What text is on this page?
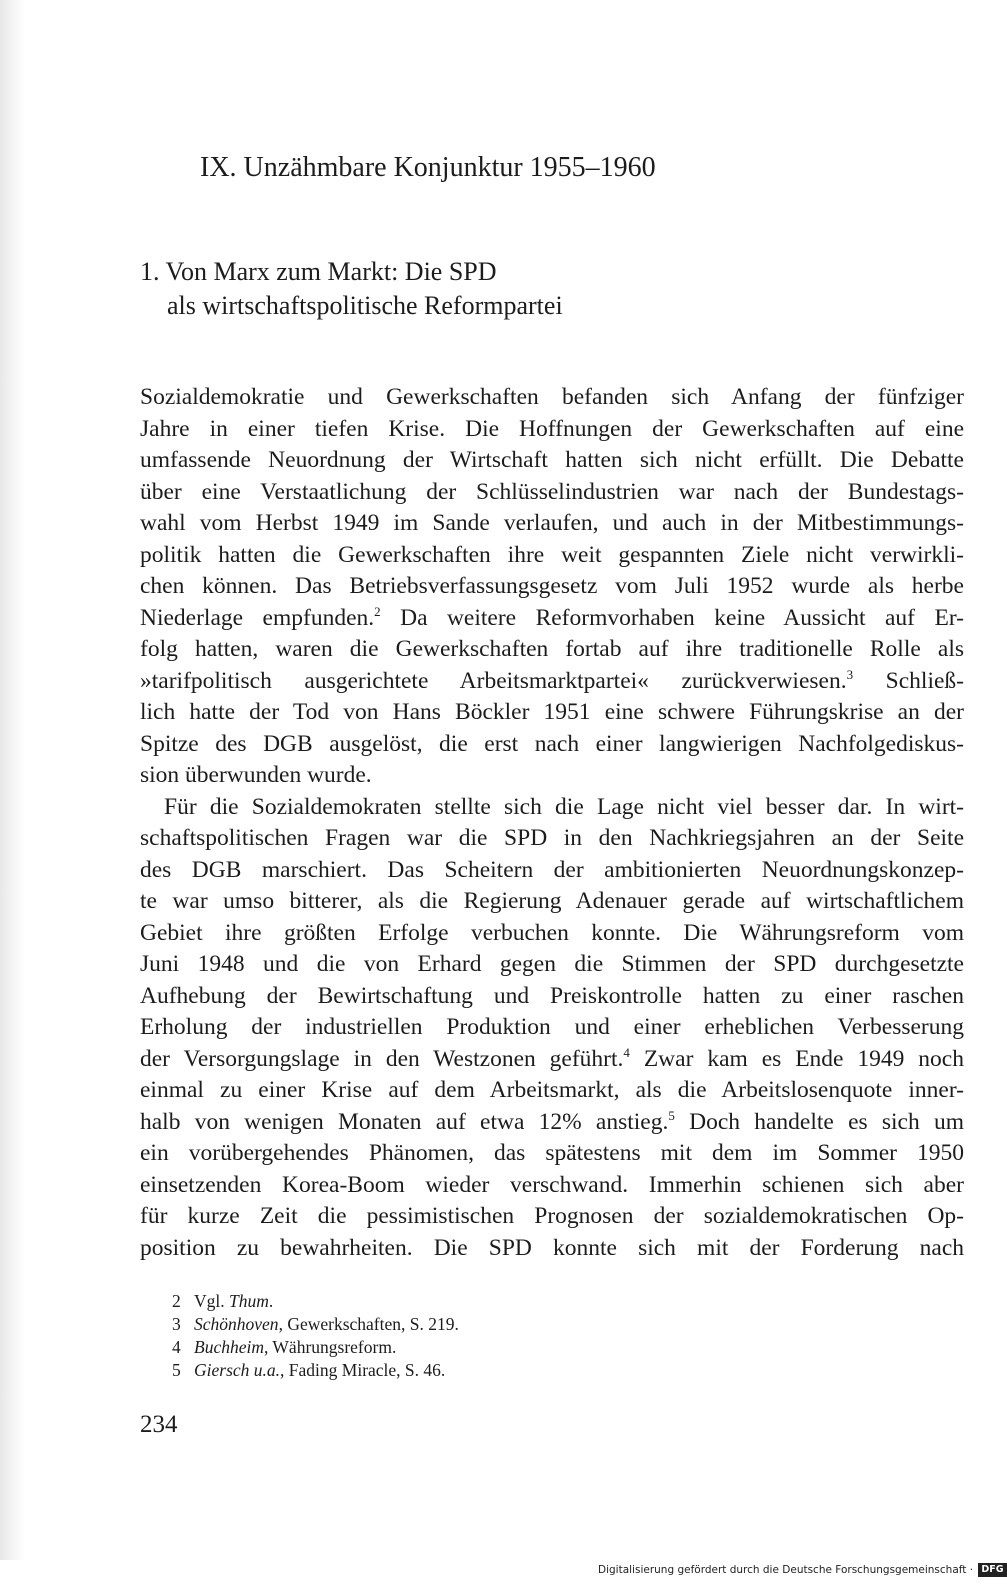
IX. Unzähmbare Konjunktur 1955–1960
1. Von Marx zum Markt: Die SPD
als wirtschaftspolitische Reformpartei
Sozialdemokratie und Gewerkschaften befanden sich Anfang der fünfziger
Jahre in einer tiefen Krise. Die Hoffnungen der Gewerkschaften auf eine
umfassende Neuordnung der Wirtschaft hatten sich nicht erfüllt. Die Debatte
über eine Verstaatlichung der Schlüsselindustrien war nach der Bundestags-
wahl vom Herbst 1949 im Sande verlaufen, und auch in der Mitbestimmungs-
politik hatten die Gewerkschaften ihre weit gespannten Ziele nicht verwirkli-
chen können. Das Betriebsverfassungsgesetz vom Juli 1952 wurde als herbe
Niederlage empfunden.$^2$ Da weitere Reformvorhaben keine Aussicht auf Er-
folg hatten, waren die Gewerkschaften fortab auf ihre traditionelle Rolle als
»tarifpolitisch ausgerichtete Arbeitsmarktpartei« zurückverwiesen.$^3$ Schließ-
lich hatte der Tod von Hans Böckler 1951 eine schwere Führungskrise an der
Spitze des DGB ausgelöst, die erst nach einer langwierigen Nachfolgediskus-
sion überwunden wurde.
Für die Sozialdemokraten stellte sich die Lage nicht viel besser dar. In wirt-
schaftspolitischen Fragen war die SPD in den Nachkriegsjahren an der Seite
des DGB marschiert. Das Scheitern der ambitionierten Neuordnungskonzep-
te war umso bitterer, als die Regierung Adenauer gerade auf wirtschaftlichem
Gebiet ihre größten Erfolge verbuchen konnte. Die Währungsreform vom
Juni 1948 und die von Erhard gegen die Stimmen der SPD durchgesetzte
Aufhebung der Bewirtschaftung und Preiskontrolle hatten zu einer raschen
Erholung der industriellen Produktion und einer erheblichen Verbesserung
der Versorgungslage in den Westzonen geführt.$^4$ Zwar kam es Ende 1949 noch
einmal zu einer Krise auf dem Arbeitsmarkt, als die Arbeitslosenquote inner-
halb von wenigen Monaten auf etwa 12% anstieg.$^5$ Doch handelte es sich um
ein vorübergehendes Phänomen, das spätestens mit dem im Sommer 1950
einsetzenden Korea-Boom wieder verschwand. Immerhin schienen sich aber
für kurze Zeit die pessimistischen Prognosen der sozialdemokratischen Op-
position zu bewahrheiten. Die SPD konnte sich mit der Forderung nach
2 Vgl. Thum.
3 Schönhoven, Gewerkschaften, S. 219.
4 Buchheim, Währungsreform.
5 Giersch u.a., Fading Miracle, S. 46.
234
Digitalisierung gefördert durch die Deutsche Forschungsgemeinschaft · DFG
